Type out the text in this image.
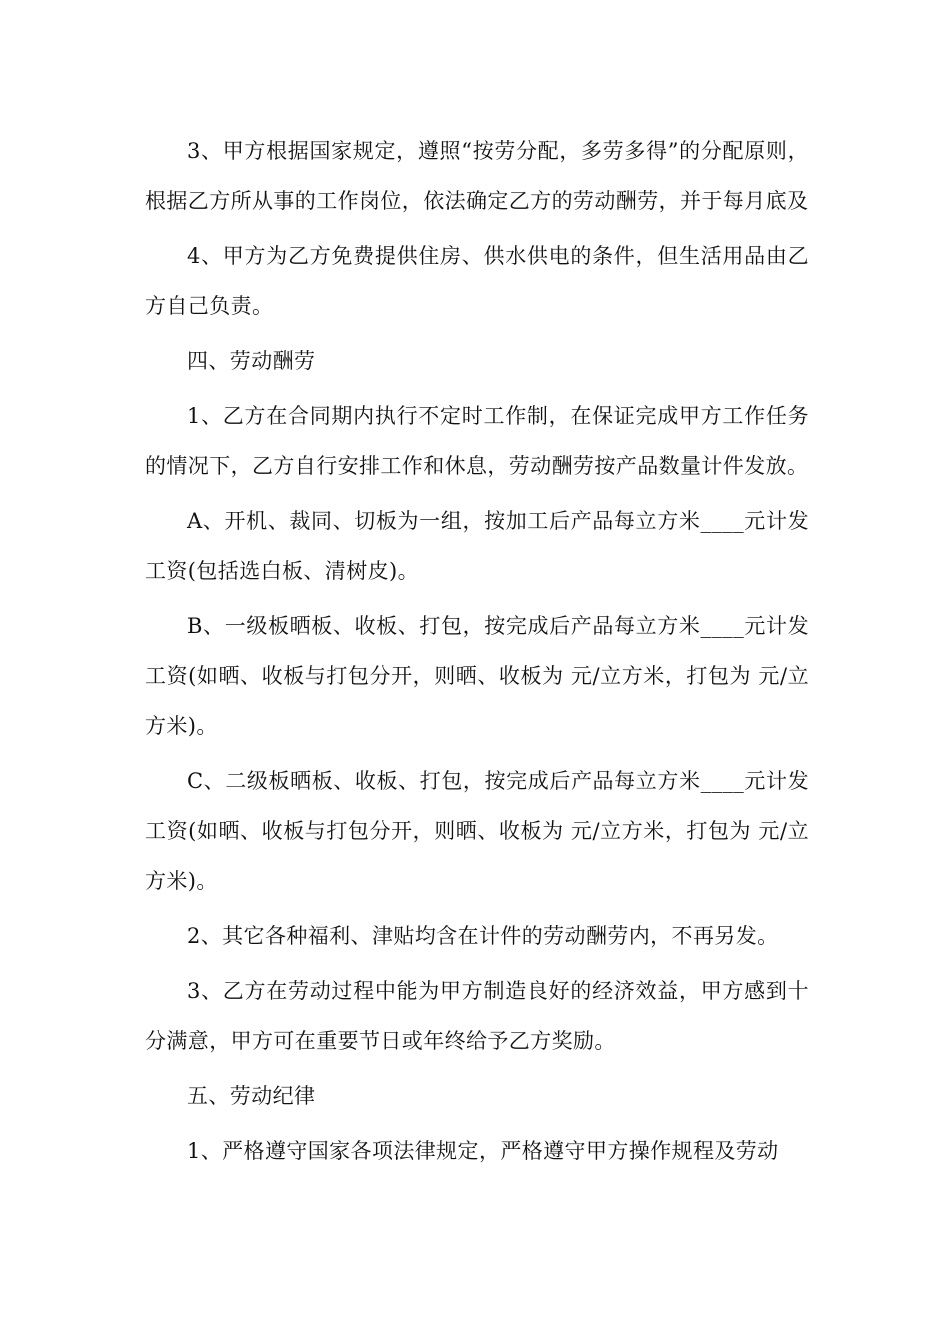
3、甲方根据国家规定，遵照“按劳分配，多劳多得”的分配原则，根据乙方所从事的工作岗位，依法确定乙方的劳动酬劳，并于每月底及

4、甲方为乙方免费提供住房、供水供电的条件，但生活用品由乙方自己负责。

四、劳动酬劳

1、乙方在合同期内执行不定时工作制，在保证完成甲方工作任务的情况下，乙方自行安排工作和休息，劳动酬劳按产品数量计件发放。

A、开机、裁同、切板为一组，按加工后产品每立方米____元计发工资(包括选白板、清树皮)。

B、一级板晒板、收板、打包，按完成后产品每立方米____元计发工资(如晒、收板与打包分开，则晒、收板为 元/立方米，打包为 元/立方米)。

C、二级板晒板、收板、打包，按完成后产品每立方米____元计发工资(如晒、收板与打包分开，则晒、收板为 元/立方米，打包为 元/立方米)。

2、其它各种福利、津贴均含在计件的劳动酬劳内，不再另发。

3、乙方在劳动过程中能为甲方制造良好的经济效益，甲方感到十分满意，甲方可在重要节日或年终给予乙方奖励。

五、劳动纪律

1、严格遵守国家各项法律规定，严格遵守甲方操作规程及劳动
